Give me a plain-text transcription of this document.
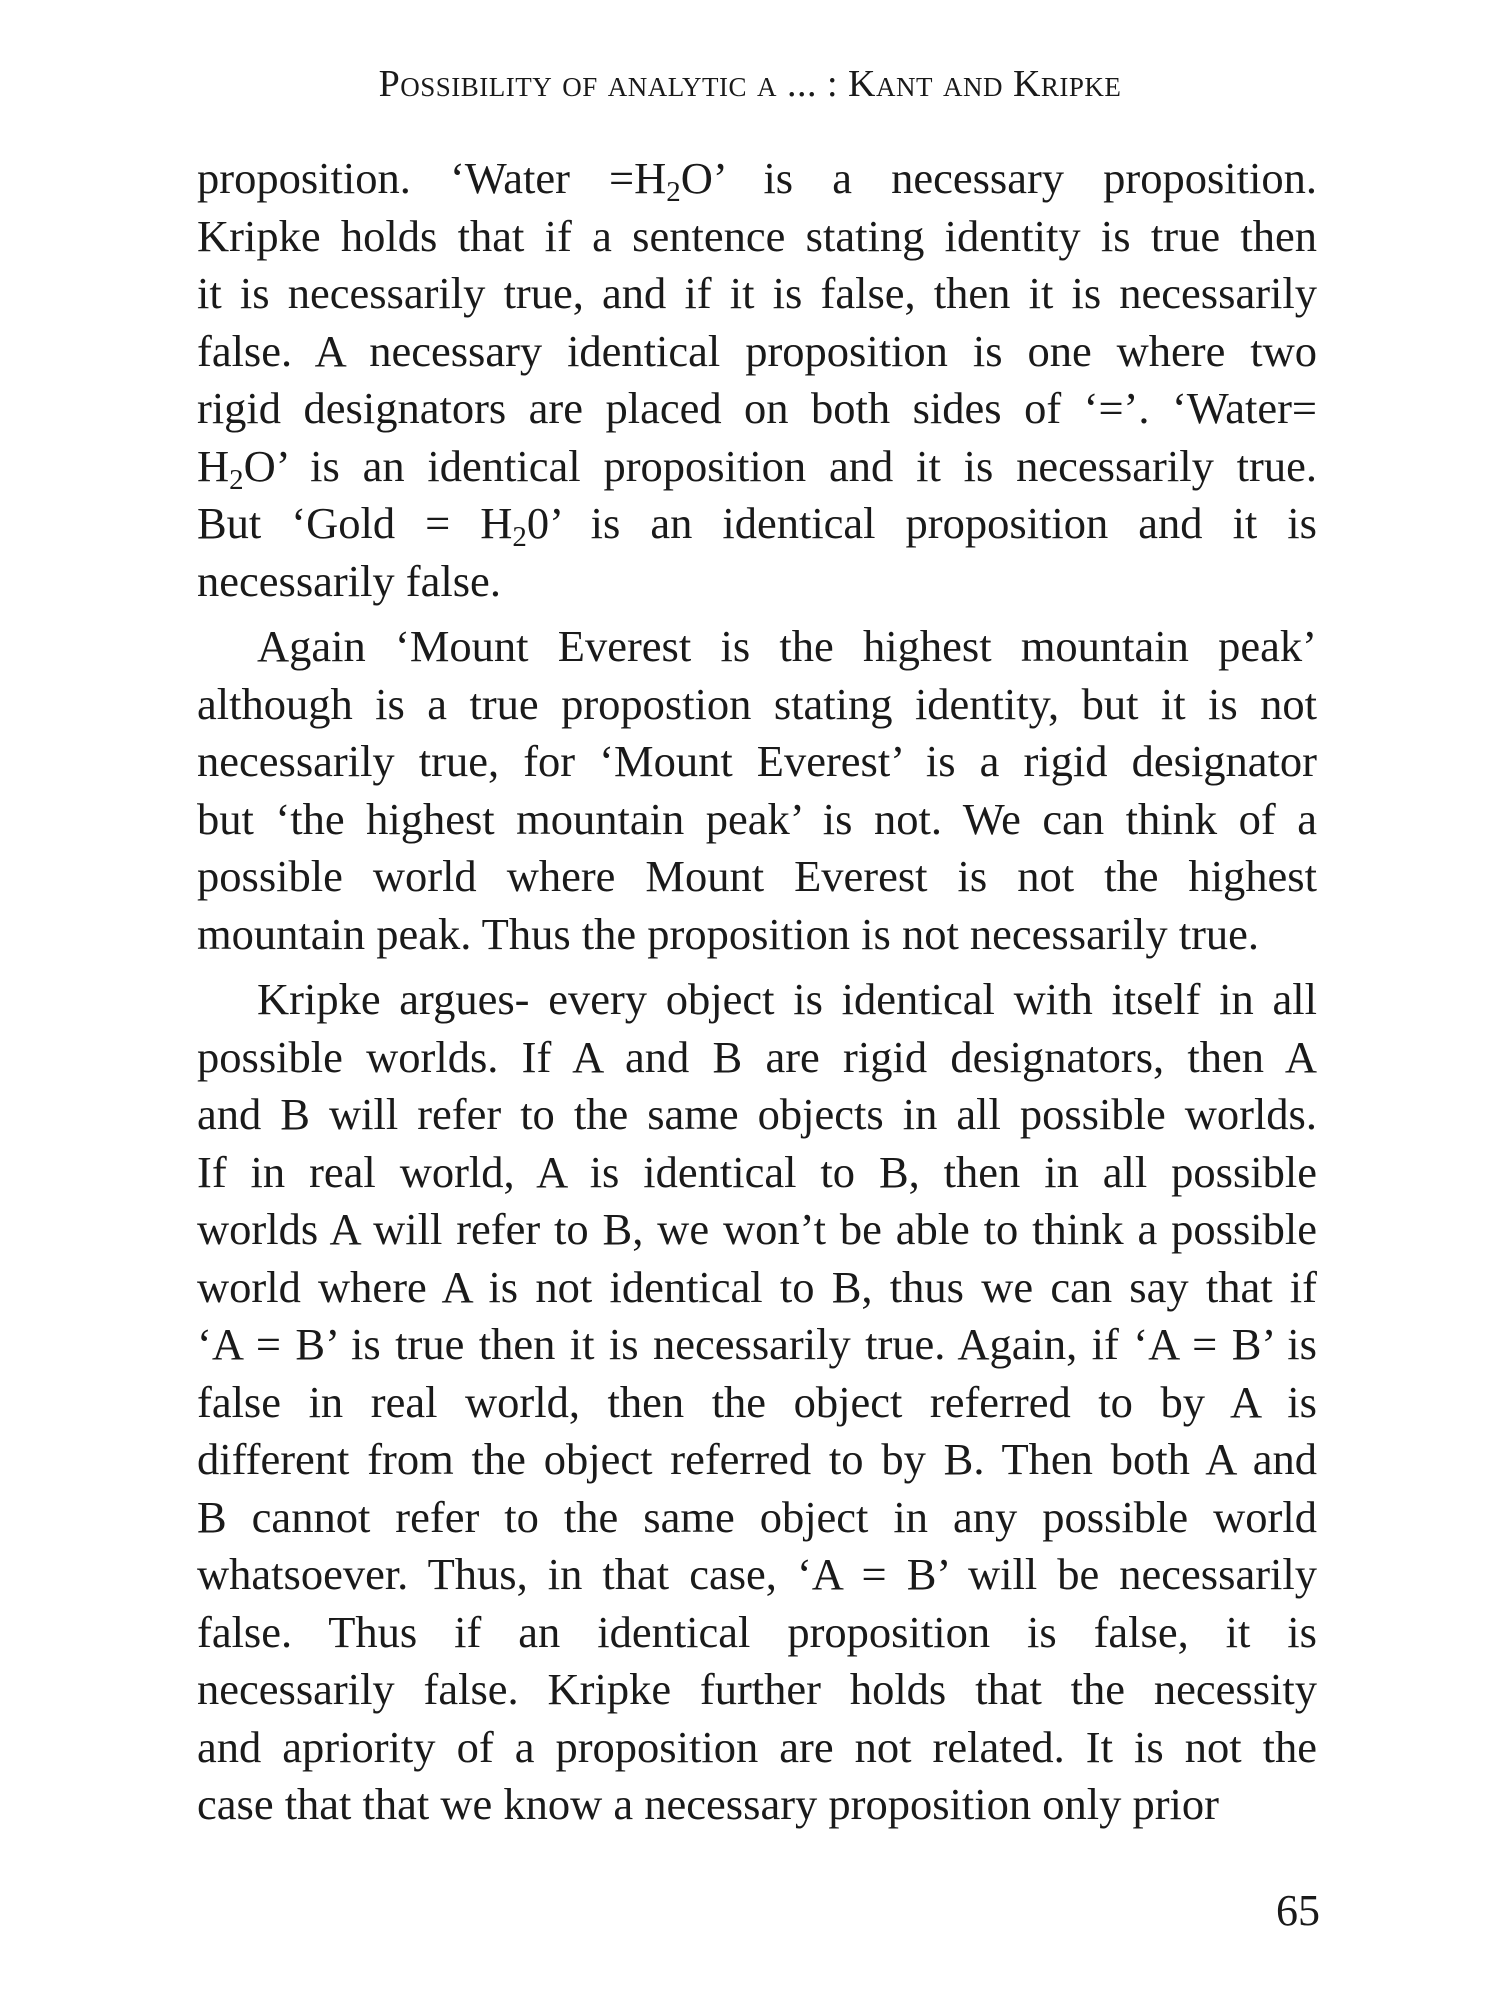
Possibility of analytic a ... : Kant and Kripke
proposition. ‘Water $=H_2O$’ is a necessary proposition.
Kripke holds that if a sentence stating identity is true then
it is necessarily true, and if it is false, then it is necessarily
false. A necessary identical proposition is one where two
rigid designators are placed on both sides of ‘=’. ‘Water=
$H_2O$’ is an identical proposition and it is necessarily true.
But ‘Gold = $H_20$’ is an identical proposition and it is
necessarily false.
Again ‘Mount Everest is the highest mountain peak’
although is a true propostion stating identity, but it is not
necessarily true, for ‘Mount Everest’ is a rigid designator
but ‘the highest mountain peak’ is not. We can think of a
possible world where Mount Everest is not the highest
mountain peak. Thus the proposition is not necessarily true.
Kripke argues- every object is identical with itself in all
possible worlds. If A and B are rigid designators, then A
and B will refer to the same objects in all possible worlds.
If in real world, A is identical to B, then in all possible
worlds A will refer to B, we won’t be able to think a possible
world where A is not identical to B, thus we can say that if
‘A = B’ is true then it is necessarily true. Again, if ‘A = B’ is
false in real world, then the object referred to by A is
different from the object referred to by B. Then both A and
B cannot refer to the same object in any possible world
whatsoever. Thus, in that case, ‘A = B’ will be necessarily
false. Thus if an identical proposition is false, it is
necessarily false. Kripke further holds that the necessity
and apriority of a proposition are not related. It is not the
case that that we know a necessary proposition only prior
65
